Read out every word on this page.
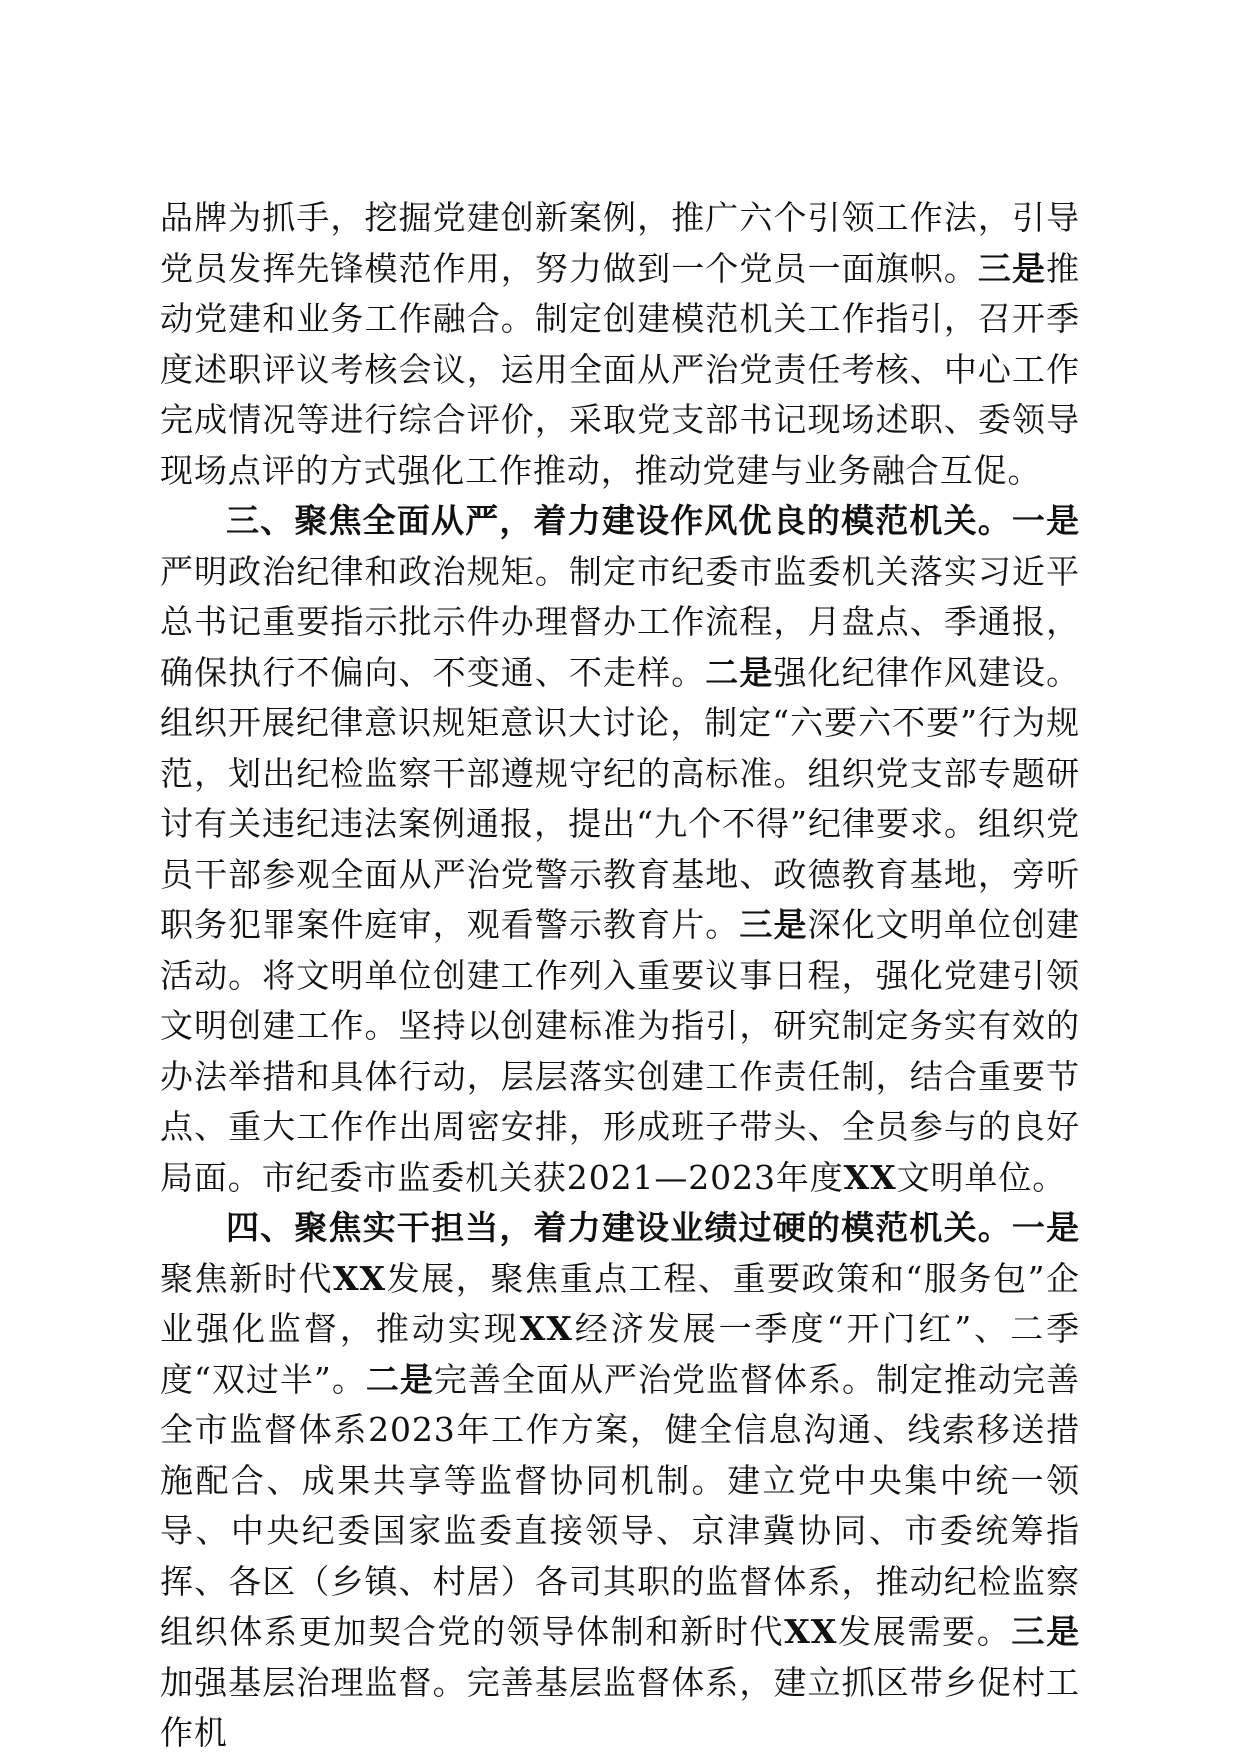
品牌为抓手，挖掘党建创新案例，推广六个引领工作法，引导党员发挥先锋模范作用，努力做到一个党员一面旗帜。三是推动党建和业务工作融合。制定创建模范机关工作指引，召开季度述职评议考核会议，运用全面从严治党责任考核、中心工作完成情况等进行综合评价，采取党支部书记现场述职、委领导现场点评的方式强化工作推动，推动党建与业务融合互促。

三、聚焦全面从严，着力建设作风优良的模范机关。一是严明政治纪律和政治规矩。制定市纪委市监委机关落实习近平总书记重要指示批示件办理督办工作流程，月盘点、季通报，确保执行不偏向、不变通、不走样。二是强化纪律作风建设。组织开展纪律意识规矩意识大讨论，制定“六要六不要”行为规范，划出纪检监察干部遵规守纪的高标准。组织党支部专题研讨有关违纪违法案例通报，提出“九个不得”纪律要求。组织党员干部参观全面从严治党警示教育基地、政德教育基地，旁听职务犯罪案件庭审，观看警示教育片。三是深化文明单位创建活动。将文明单位创建工作列入重要议事日程，强化党建引领文明创建工作。坚持以创建标准为指引，研究制定务实有效的办法举措和具体行动，层层落实创建工作责任制，结合重要节点、重大工作作出周密安排，形成班子带头、全员参与的良好局面。市纪委市监委机关获2021—2023年度XX文明单位。

四、聚焦实干担当，着力建设业绩过硬的模范机关。一是聚焦新时代XX发展，聚焦重点工程、重要政策和“服务包”企业强化监督，推动实现XX经济发展一季度“开门红”、二季度“双过半”。二是完善全面从严治党监督体系。制定推动完善全市监督体系2023年工作方案，健全信息沟通、线索移送措施配合、成果共享等监督协同机制。建立党中央集中统一领导、中央纪委国家监委直接领导、京津冀协同、市委统筹指挥、各区（乡镇、村居）各司其职的监督体系，推动纪检监察组织体系更加契合党的领导体制和新时代XX发展需要。三是加强基层治理监督。完善基层监督体系，建立抓区带乡促村工作机
